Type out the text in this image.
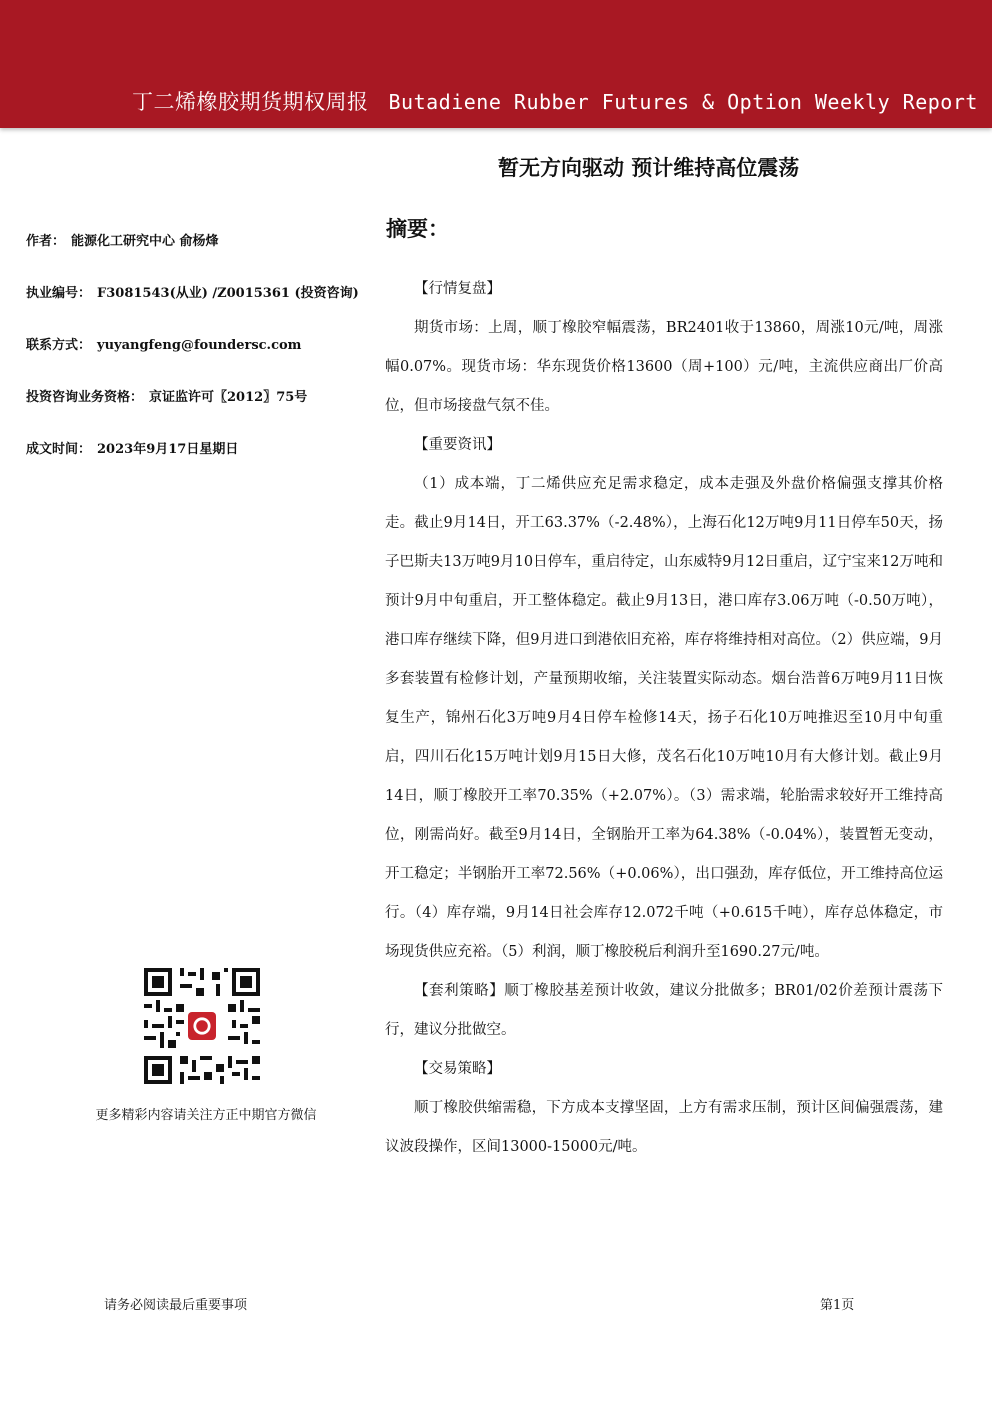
丁二烯橡胶期货期权周报 Butadiene Rubber Futures & Option Weekly Report
暂无方向驱动 预计维持高位震荡
作者： 能源化工研究中心 俞杨烽
执业编号： F3081543(从业) /Z0015361 (投资咨询)
联系方式： yuyangfeng@foundersc.com
投资咨询业务资格： 京证监许可〖2012〗75号
成文时间： 2023年9月17日星期日
更多精彩内容请关注方正中期官方微信
摘要：

【行情复盘】

期货市场：上周，顺丁橡胶窄幅震荡，BR2401收于13860，周涨10元/吨，周涨幅0.07%。现货市场：华东现货价格13600（周+100）元/吨，主流供应商出厂价高位，但市场接盘气氛不佳。

【重要资讯】

（1）成本端，丁二烯供应充足需求稳定，成本走强及外盘价格偏强支撑其价格走。截止9月14日，开工63.37%（-2.48%），上海石化12万吨9月11日停车50天，扬子巴斯夫13万吨9月10日停车，重启待定，山东威特9月12日重启，辽宁宝来12万吨和预计9月中旬重启，开工整体稳定。截止9月13日，港口库存3.06万吨（-0.50万吨），港口库存继续下降，但9月进口到港依旧充裕，库存将维持相对高位。（2）供应端，9月多套装置有检修计划，产量预期收缩，关注装置实际动态。烟台浩普6万吨9月11日恢复生产，锦州石化3万吨9月4日停车检修14天，扬子石化10万吨推迟至10月中旬重启，四川石化15万吨计划9月15日大修，茂名石化10万吨10月有大修计划。截止9月14日，顺丁橡胶开工率70.35%（+2.07%）。（3）需求端，轮胎需求较好开工维持高位，刚需尚好。截至9月14日，全钢胎开工率为64.38%（-0.04%），装置暂无变动，开工稳定；半钢胎开工率72.56%（+0.06%），出口强劲，库存低位，开工维持高位运行。（4）库存端，9月14日社会库存12.072千吨（+0.615千吨），库存总体稳定，市场现货供应充裕。（5）利润，顺丁橡胶税后利润升至1690.27元/吨。

【套利策略】顺丁橡胶基差预计收敛，建议分批做多；BR01/02价差预计震荡下行，建议分批做空。

【交易策略】

顺丁橡胶供缩需稳，下方成本支撑坚固，上方有需求压制，预计区间偏强震荡，建议波段操作，区间13000-15000元/吨。

请务必阅读最后重要事项	第1页
